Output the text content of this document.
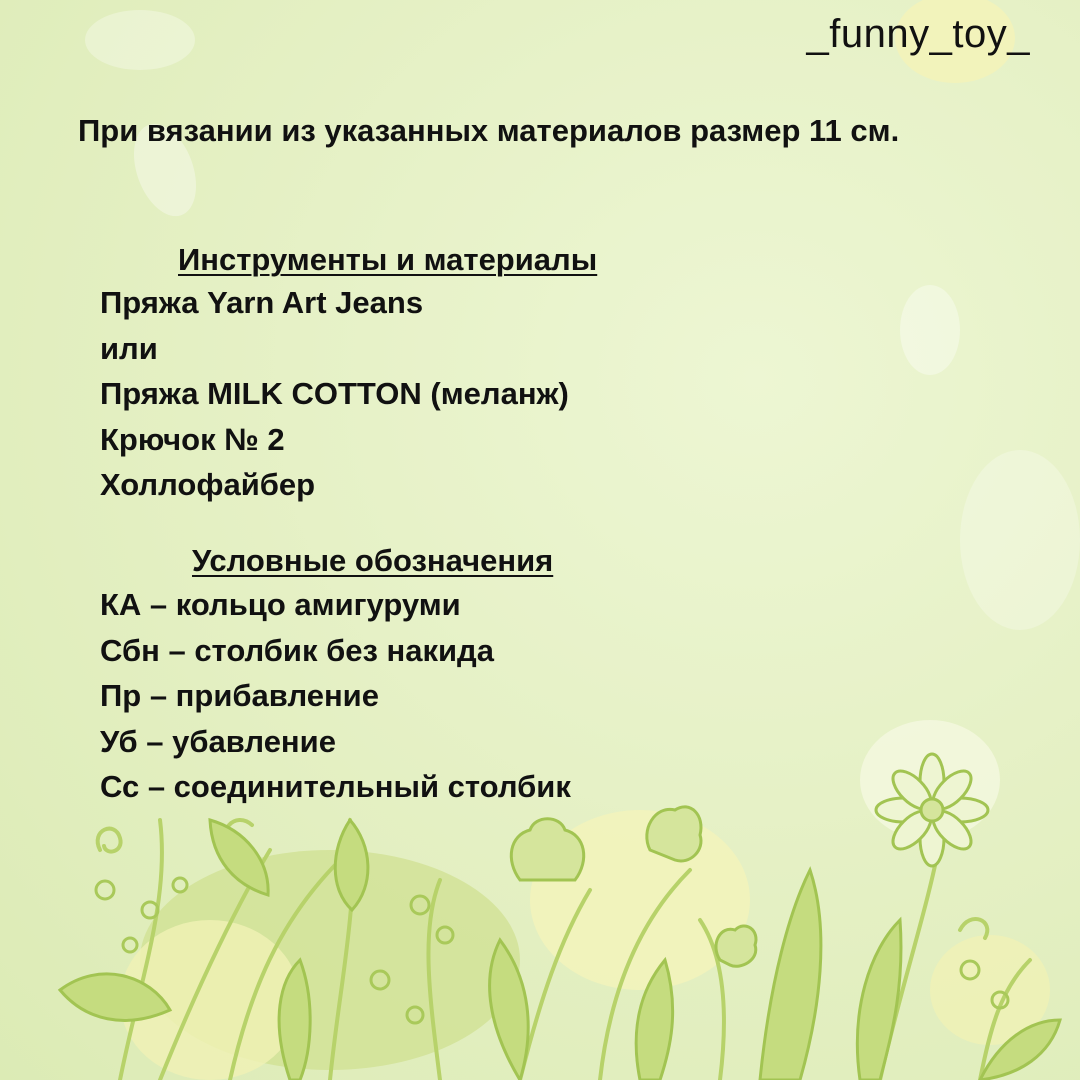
_funny_toy_

При вязании из указанных материалов размер 11 см.

Инструменты и материалы

Пряжа Yarn Art Jeans
или
Пряжа MILK COTTON (меланж)
Крючок № 2
Холлофайбер

Условные обозначения

КА – кольцо амигуруми
Сбн – столбик без накида
Пр – прибавление
Уб – убавление
Сс – соединительный столбик
